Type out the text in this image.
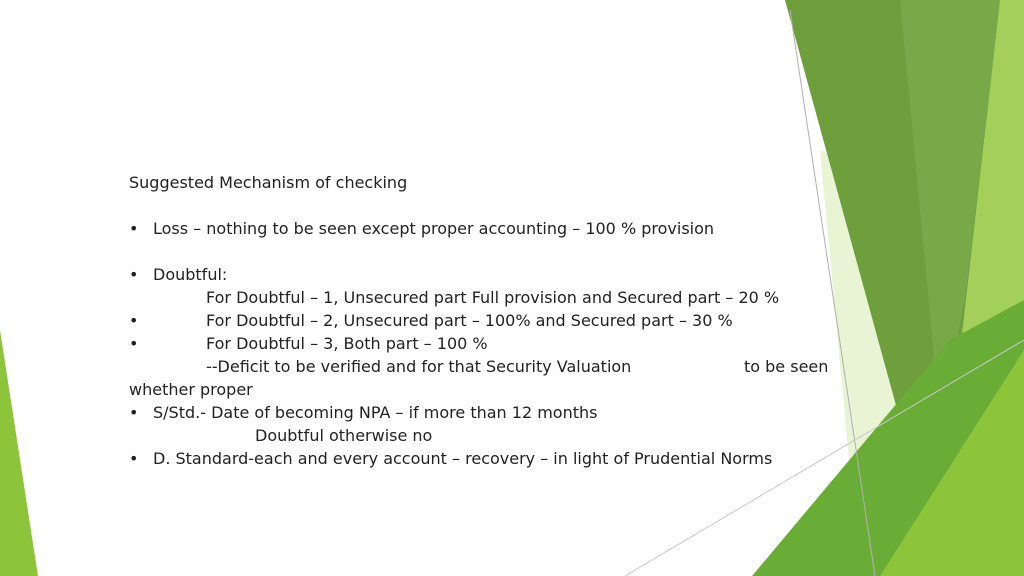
Suggested Mechanism of checking
• Loss – nothing to be seen except proper accounting – 100 % provision
• Doubtful:
For Doubtful – 1, Unsecured part Full provision and Secured part – 20 %
•	For Doubtful – 2, Unsecured part – 100% and Secured part – 30 %
•	For Doubtful – 3, Both part – 100 %
--Deficit to be verified and for that Security Valuation	to be seen
whether proper
• S/Std.- Date of becoming NPA – if more than 12 months
Doubtful otherwise no
• D. Standard-each and every account – recovery – in light of Prudential Norms
